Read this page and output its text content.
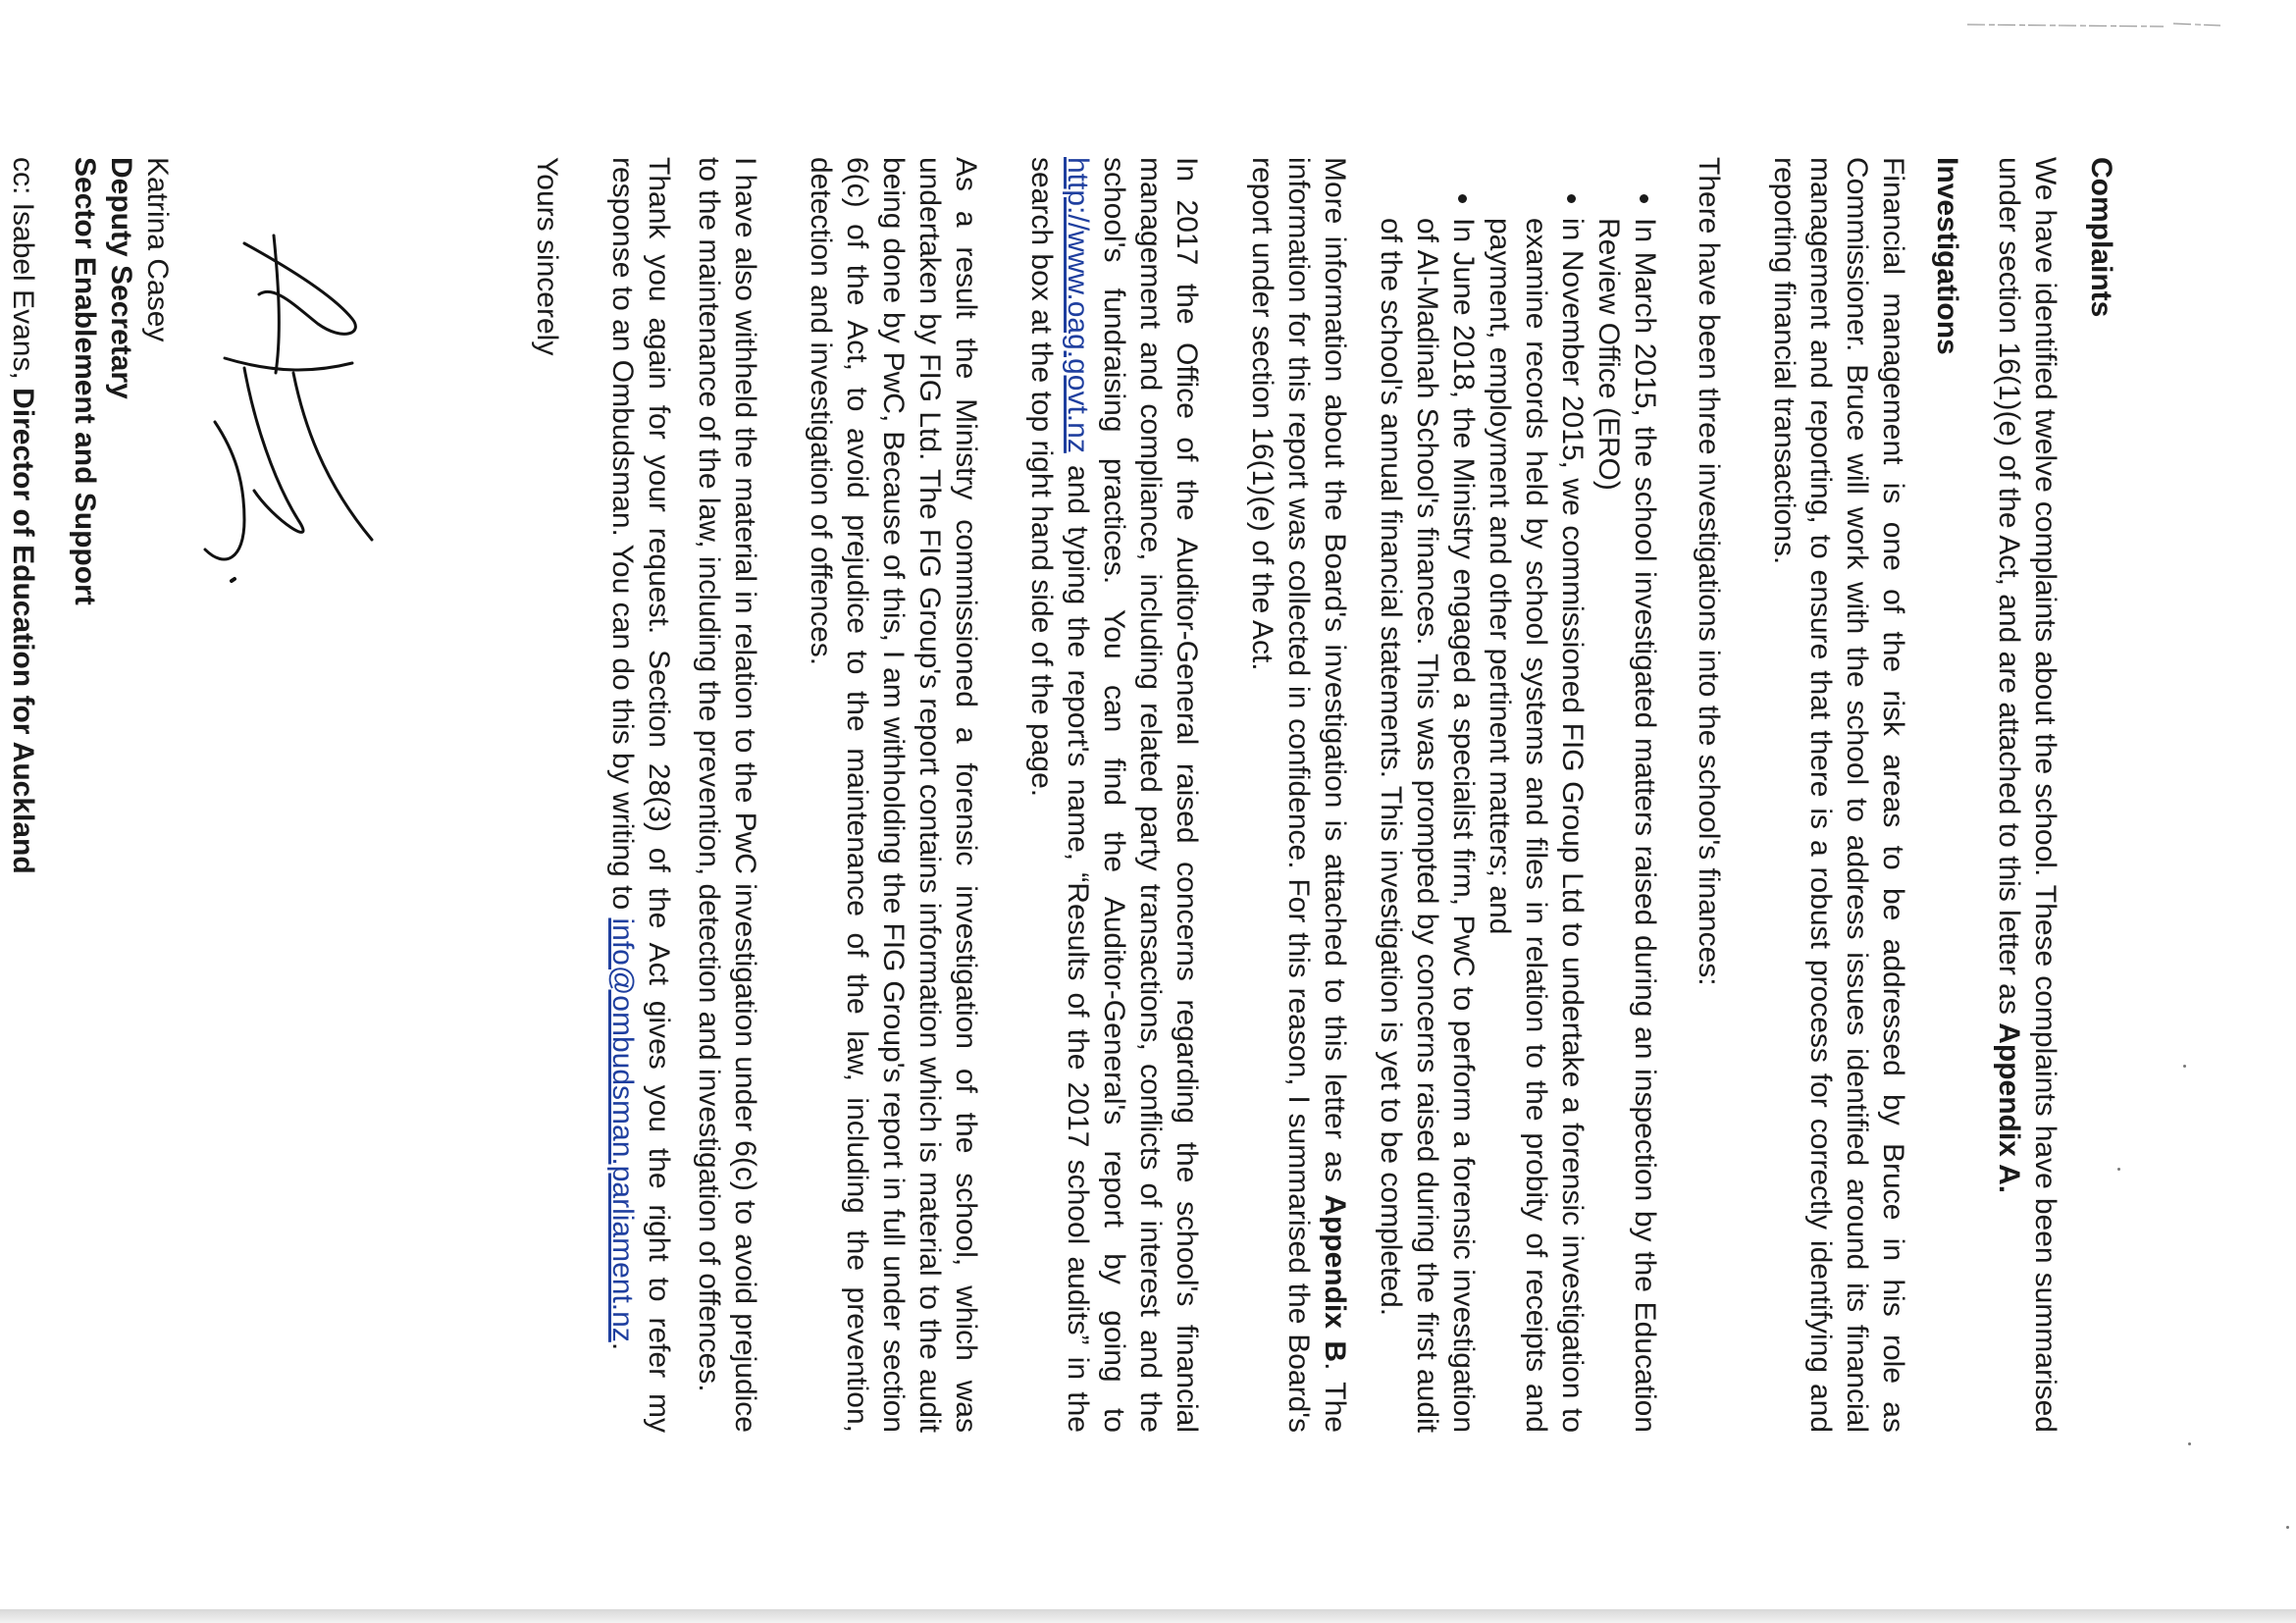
Complaints

We have identified twelve complaints about the school. These complaints have been summarised under section 16(1)(e) of the Act, and are attached to this letter as Appendix A.

Investigations

Financial management is one of the risk areas to be addressed by Bruce in his role as Commissioner. Bruce will work with the school to address issues identified around its financial management and reporting, to ensure that there is a robust process for correctly identifying and reporting financial transactions.

There have been three investigations into the school's finances:

• In March 2015, the school investigated matters raised during an inspection by the Education Review Office (ERO)
• in November 2015, we commissioned FIG Group Ltd to undertake a forensic investigation to examine records held by school systems and files in relation to the probity of receipts and payment, employment and other pertinent matters; and
• In June 2018, the Ministry engaged a specialist firm, PwC to perform a forensic investigation of Al-Madinah School's finances. This was prompted by concerns raised during the first audit of the school's annual financial statements. This investigation is yet to be completed.

More information about the Board's investigation is attached to this letter as Appendix B. The information for this report was collected in confidence. For this reason, I summarised the Board's report under section 16(1)(e) of the Act.

In 2017 the Office of the Auditor-General raised concerns regarding the school's financial management and compliance, including related party transactions, conflicts of interest and the school's fundraising practices. You can find the Auditor-General's report by going to http://www.oag.govt.nz and typing the report's name, “Results of the 2017 school audits” in the search box at the top right hand side of the page.

As a result the Ministry commissioned a forensic investigation of the school, which was undertaken by FIG Ltd. The FIG Group's report contains information which is material to the audit being done by PwC, Because of this, I am withholding the FIG Group's report in full under section 6(c) of the Act, to avoid prejudice to the maintenance of the law, including the prevention, detection and investigation of offences.

I have also withheld the material in relation to the PwC investigation under 6(c) to avoid prejudice to the maintenance of the law, including the prevention, detection and investigation of offences.

Thank you again for your request. Section 28(3) of the Act gives you the right to refer my response to an Ombudsman. You can do this by writing to info@ombudsman.parliament.nz.

Yours sincerely

Katrina Casey

Deputy Secretary

Sector Enablement and Support

cc: Isabel Evans, Director of Education for Auckland
